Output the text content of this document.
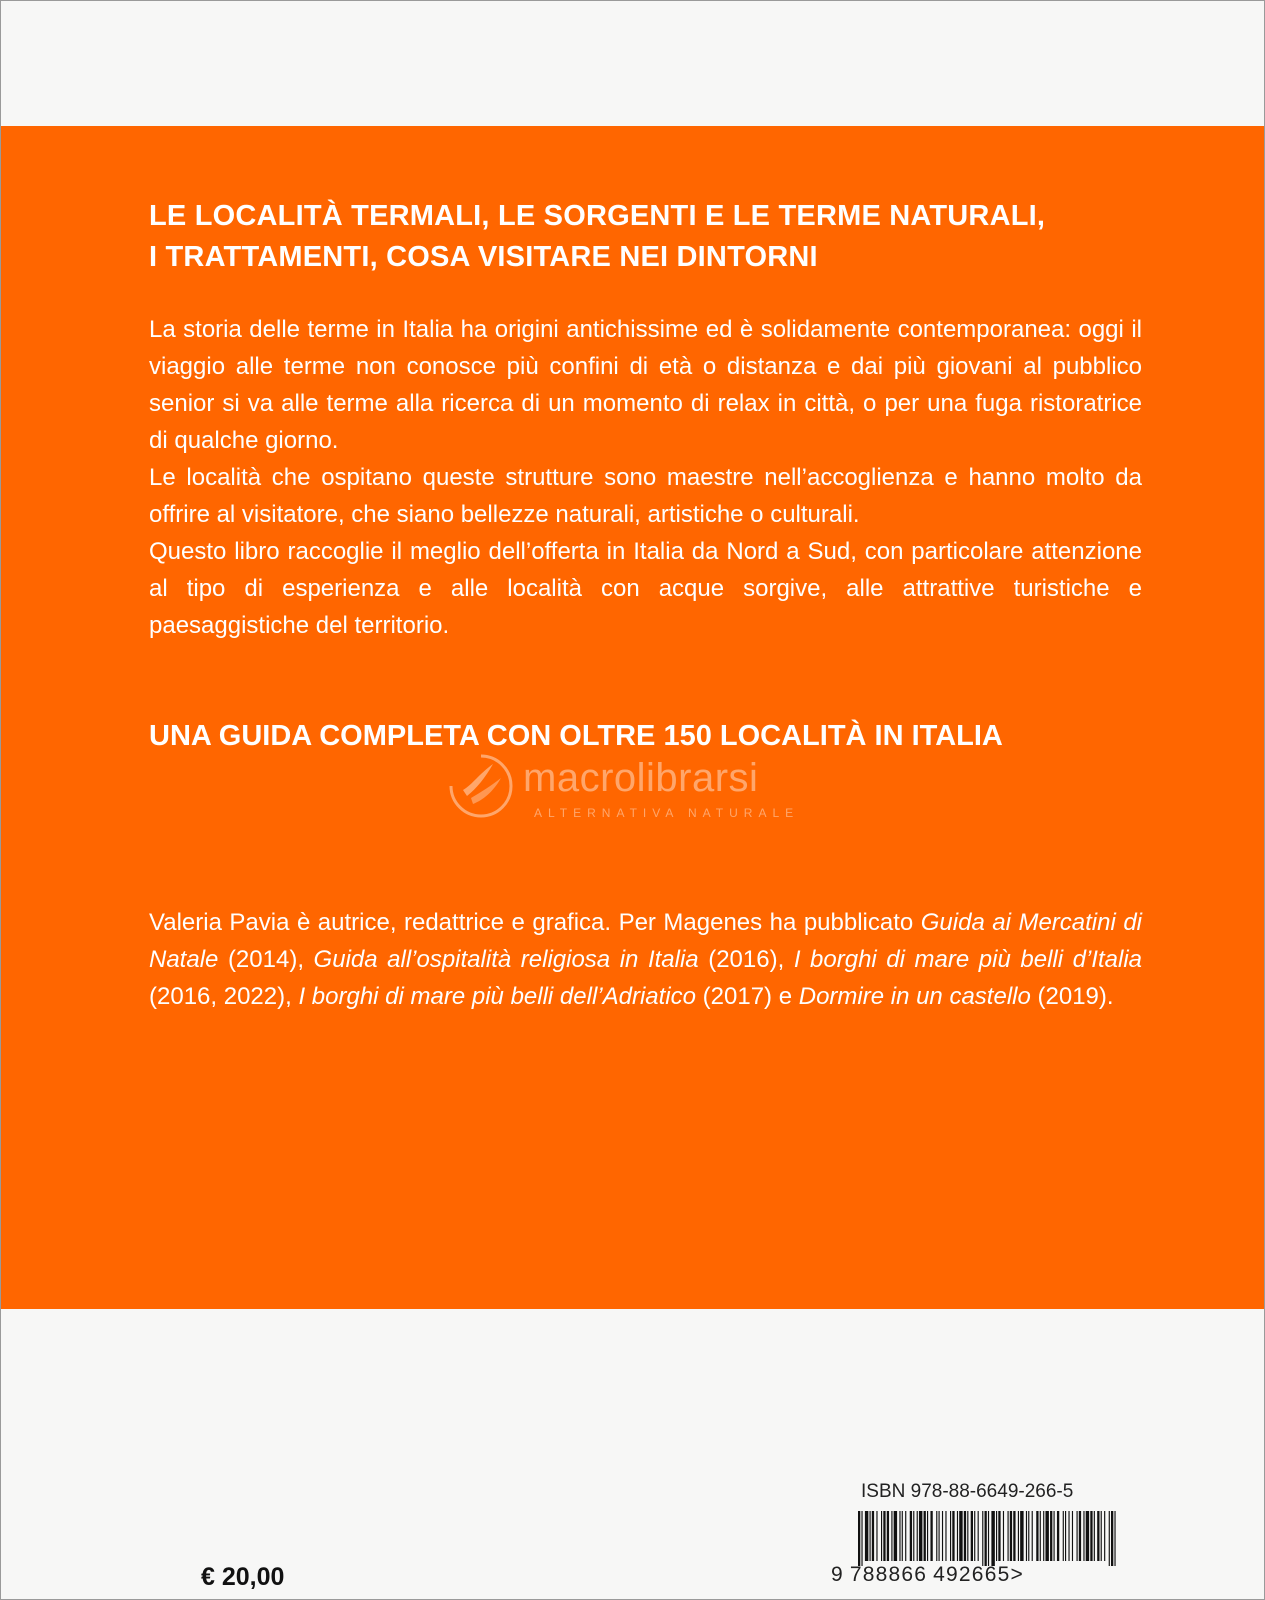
LE LOCALITÀ TERMALI, LE SORGENTI E LE TERME NATURALI,
I TRATTAMENTI, COSA VISITARE NEI DINTORNI

La storia delle terme in Italia ha origini antichissime ed è solidamente contemporanea: oggi il viaggio alle terme non conosce più confini di età o distanza e dai più giovani al pubblico senior si va alle terme alla ricerca di un momento di relax in città, o per una fuga ristoratrice di qualche giorno.

Le località che ospitano queste strutture sono maestre nell’accoglienza e hanno molto da offrire al visitatore, che siano bellezze naturali, artistiche o culturali.

Questo libro raccoglie il meglio dell’offerta in Italia da Nord a Sud, con particolare attenzione al tipo di esperienza e alle località con acque sorgive, alle attrattive turistiche e paesaggistiche del territorio.

UNA GUIDA COMPLETA CON OLTRE 150 LOCALITÀ IN ITALIA
macrolibrarsi
ALTERNATIVA NATURALE

Valeria Pavia è autrice, redattrice e grafica. Per Magenes ha pubblicato Guida ai Mercatini di Natale (2014), Guida all’ospitalità religiosa in Italia (2016), I borghi di mare più belli d’Italia (2016, 2022), I borghi di mare più belli dell’Adriatico (2017) e Dormire in un castello (2019).

ISBN 978-88-6649-266-5
9 788866 492665>
€ 20,00
